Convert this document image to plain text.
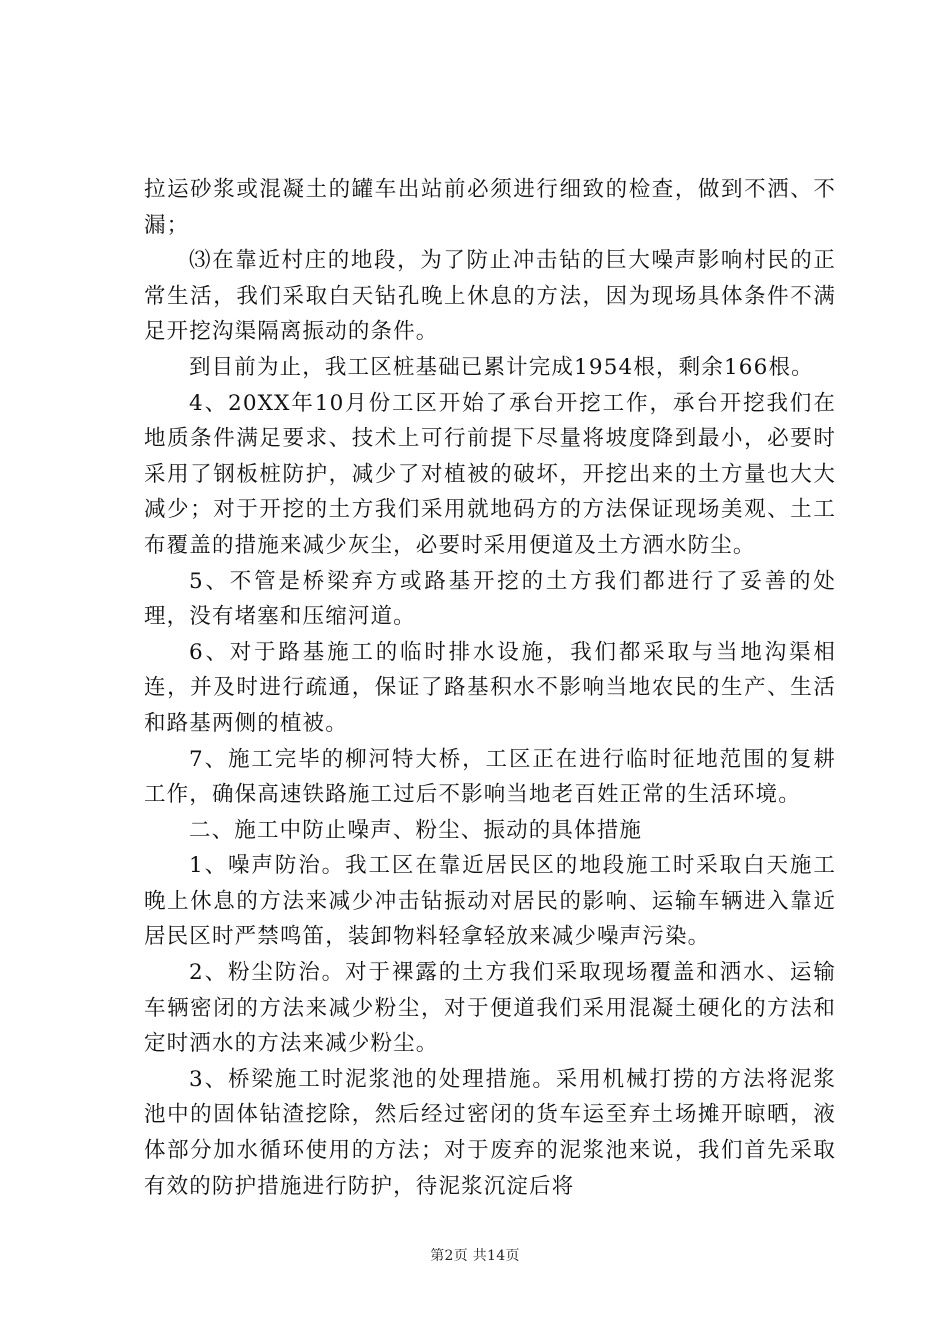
拉运砂浆或混凝土的罐车出站前必须进行细致的检查，做到不洒、不漏；

⑶在靠近村庄的地段，为了防止冲击钻的巨大噪声影响村民的正常生活，我们采取白天钻孔晚上休息的方法，因为现场具体条件不满足开挖沟渠隔离振动的条件。

到目前为止，我工区桩基础已累计完成1954根，剩余166根。

4、20XX年10月份工区开始了承台开挖工作，承台开挖我们在地质条件满足要求、技术上可行前提下尽量将坡度降到最小，必要时采用了钢板桩防护，减少了对植被的破坏，开挖出来的土方量也大大减少；对于开挖的土方我们采用就地码方的方法保证现场美观、土工布覆盖的措施来减少灰尘，必要时采用便道及土方洒水防尘。

5、不管是桥梁弃方或路基开挖的土方我们都进行了妥善的处理，没有堵塞和压缩河道。

6、对于路基施工的临时排水设施，我们都采取与当地沟渠相连，并及时进行疏通，保证了路基积水不影响当地农民的生产、生活和路基两侧的植被。

7、施工完毕的柳河特大桥，工区正在进行临时征地范围的复耕工作，确保高速铁路施工过后不影响当地老百姓正常的生活环境。

二、施工中防止噪声、粉尘、振动的具体措施

1、噪声防治。我工区在靠近居民区的地段施工时采取白天施工晚上休息的方法来减少冲击钻振动对居民的影响、运输车辆进入靠近居民区时严禁鸣笛，装卸物料轻拿轻放来减少噪声污染。

2、粉尘防治。对于裸露的土方我们采取现场覆盖和洒水、运输车辆密闭的方法来减少粉尘，对于便道我们采用混凝土硬化的方法和定时洒水的方法来减少粉尘。

3、桥梁施工时泥浆池的处理措施。采用机械打捞的方法将泥浆池中的固体钻渣挖除，然后经过密闭的货车运至弃土场摊开晾晒，液体部分加水循环使用的方法；对于废弃的泥浆池来说，我们首先采取有效的防护措施进行防护，待泥浆沉淀后将

第2页 共14页
